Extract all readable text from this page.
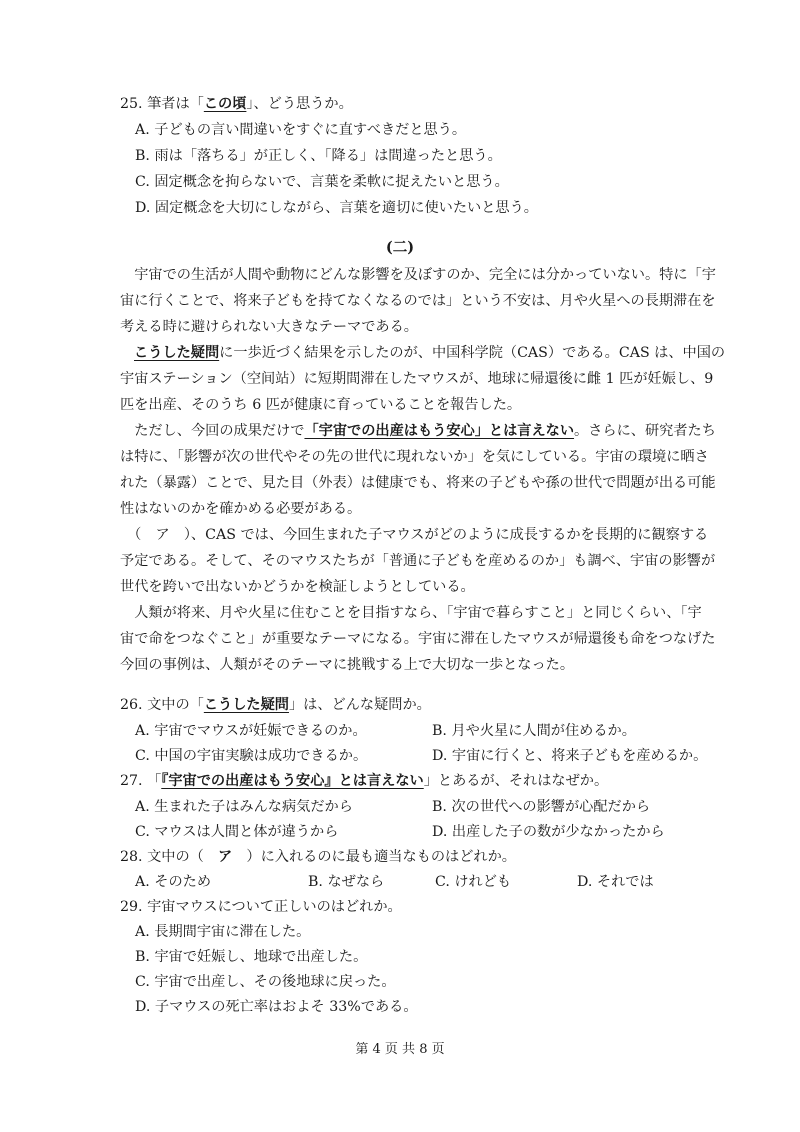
25. 筆者は「この頃」、どう思うか。
A. 子どもの言い間違いをすぐに直すべきだと思う。
B. 雨は「落ちる」が正しく、「降る」は間違ったと思う。
C. 固定概念を拘らないで、言葉を柔軟に捉えたいと思う。
D. 固定概念を大切にしながら、言葉を適切に使いたいと思う。
(二)
　宇宙での生活が人間や動物にどんな影響を及ぼすのか、完全には分かっていない。特に「宇
宙に行くことで、将来子どもを持てなくなるのでは」という不安は、月や火星への長期滞在を
考える時に避けられない大きなテーマである。
こうした疑問に一歩近づく結果を示したのが、中国科学院（CAS）である。CAS は、中国の
宇宙ステーション（空间站）に短期間滞在したマウスが、地球に帰還後に雌 1 匹が妊娠し、9
匹を出産、そのうち 6 匹が健康に育っていることを報告した。
　ただし、今回の成果だけで「宇宙での出産はもう安心」とは言えない。さらに、研究者たち
は特に、「影響が次の世代やその先の世代に現れないか」を気にしている。宇宙の環境に晒さ
れた（暴露）ことで、見た目（外表）は健康でも、将来の子どもや孫の世代で問題が出る可能
性はないのかを確かめる必要がある。
　（　ア　）、CAS では、今回生まれた子マウスがどのように成長するかを長期的に観察する
予定である。そして、そのマウスたちが「普通に子どもを産めるのか」も調べ、宇宙の影響が
世代を跨いで出ないかどうかを検証しようとしている。
　人類が将来、月や火星に住むことを目指すなら、「宇宙で暮らすこと」と同じくらい、「宇
宙で命をつなぐこと」が重要なテーマになる。宇宙に滞在したマウスが帰還後も命をつなげた
今回の事例は、人類がそのテーマに挑戦する上で大切な一歩となった。
26. 文中の「こうした疑問」は、どんな疑問か。
A. 宇宙でマウスが妊娠できるのか。	B. 月や火星に人間が住めるか。
C. 中国の宇宙実験は成功できるか。	D. 宇宙に行くと、将来子どもを産めるか。
27. 「『宇宙での出産はもう安心』とは言えない」とあるが、それはなぜか。
A. 生まれた子はみんな病気だから	B. 次の世代への影響が心配だから
C. マウスは人間と体が違うから	D. 出産した子の数が少なかったから
28. 文中の（　ア　）に入れるのに最も適当なものはどれか。
A. そのため	B. なぜなら	C. けれども	D. それでは
29. 宇宙マウスについて正しいのはどれか。
A. 長期間宇宙に滞在した。
B. 宇宙で妊娠し、地球で出産した。
C. 宇宙で出産し、その後地球に戻った。
D. 子マウスの死亡率はおよそ 33%である。
第 4 页 共 8 页
